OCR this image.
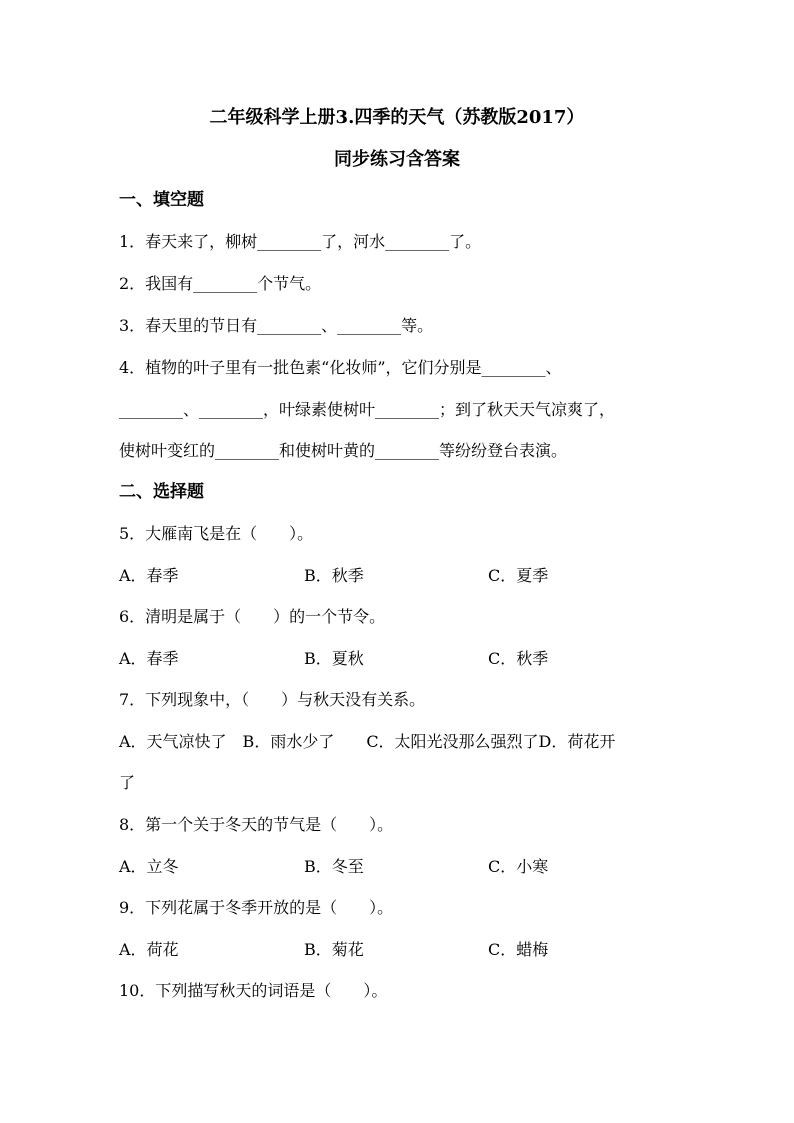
二年级科学上册3.四季的天气（苏教版2017）
同步练习含答案
一、填空题
1．春天来了，柳树________了，河水________了。
2．我国有________个节气。
3．春天里的节日有________、________等。
4．植物的叶子里有一批色素“化妆师”，它们分别是________、
________、________，叶绿素使树叶________；到了秋天天气凉爽了，
使树叶变红的________和使树叶黄的________等纷纷登台表演。
二、选择题
5．大雁南飞是在（　　）。
A．春季	B．秋季	C．夏季
6．清明是属于（　　）的一个节令。
A．春季	B．夏秋	C．秋季
7．下列现象中，（　　）与秋天没有关系。
A．天气凉快了　B．雨水少了　　C．太阳光没那么强烈了D．荷花开
了
8．第一个关于冬天的节气是（　　）。
A．立冬	B．冬至	C．小寒
9．下列花属于冬季开放的是（　　）。
A．荷花	B．菊花	C．蜡梅
10．下列描写秋天的词语是（　　）。
